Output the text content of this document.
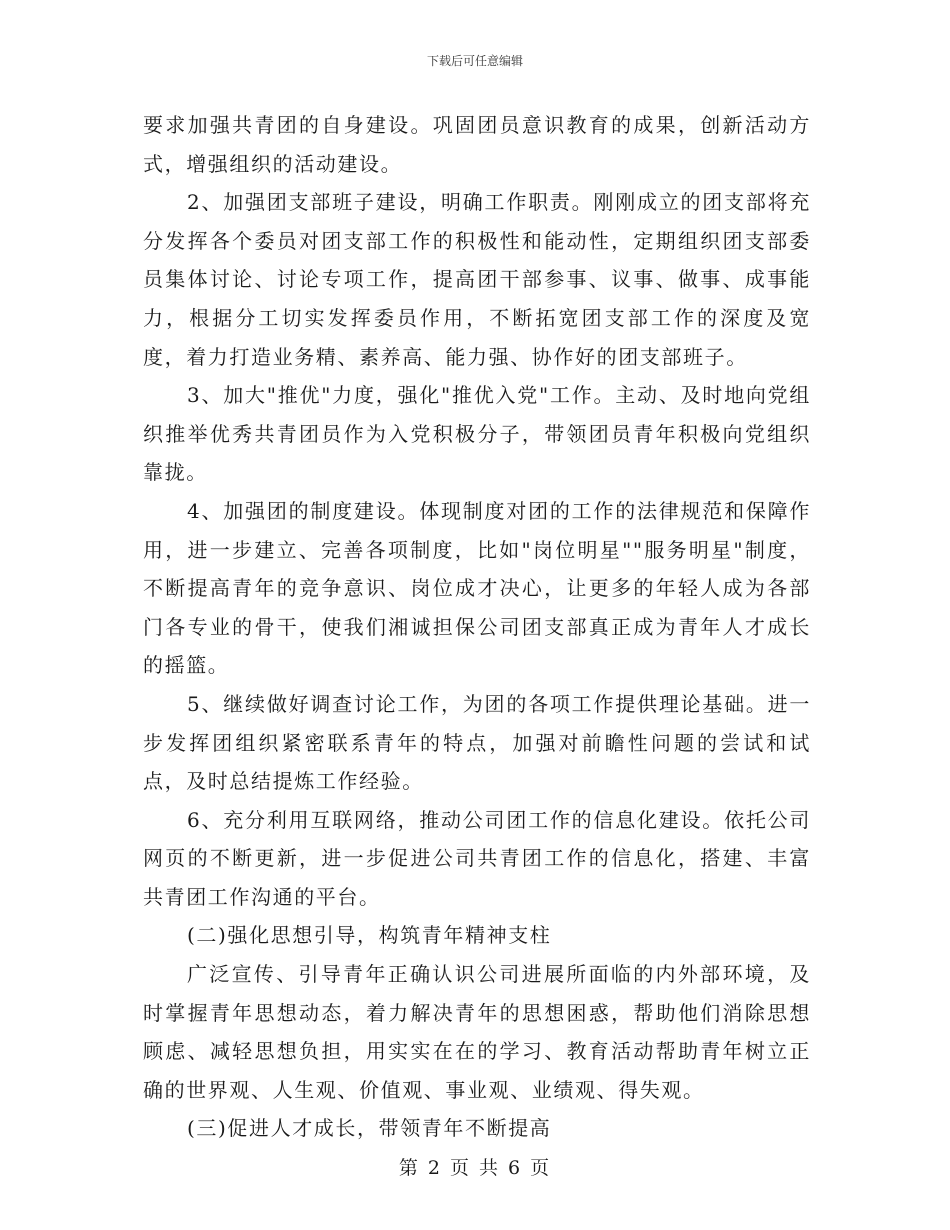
下载后可任意编辑

要求加强共青团的自身建设。巩固团员意识教育的成果，创新活动方式，增强组织的活动建设。

2、加强团支部班子建设，明确工作职责。刚刚成立的团支部将充分发挥各个委员对团支部工作的积极性和能动性，定期组织团支部委员集体讨论、讨论专项工作，提高团干部参事、议事、做事、成事能力，根据分工切实发挥委员作用，不断拓宽团支部工作的深度及宽度，着力打造业务精、素养高、能力强、协作好的团支部班子。

3、加大"推优"力度，强化"推优入党"工作。主动、及时地向党组织推举优秀共青团员作为入党积极分子，带领团员青年积极向党组织靠拢。

4、加强团的制度建设。体现制度对团的工作的法律规范和保障作用，进一步建立、完善各项制度，比如"岗位明星""服务明星"制度，不断提高青年的竞争意识、岗位成才决心，让更多的年轻人成为各部门各专业的骨干，使我们湘诚担保公司团支部真正成为青年人才成长的摇篮。

5、继续做好调查讨论工作，为团的各项工作提供理论基础。进一步发挥团组织紧密联系青年的特点，加强对前瞻性问题的尝试和试点，及时总结提炼工作经验。

6、充分利用互联网络，推动公司团工作的信息化建设。依托公司网页的不断更新，进一步促进公司共青团工作的信息化，搭建、丰富共青团工作沟通的平台。

(二)强化思想引导，构筑青年精神支柱

广泛宣传、引导青年正确认识公司进展所面临的内外部环境，及时掌握青年思想动态，着力解决青年的思想困惑，帮助他们消除思想顾虑、减轻思想负担，用实实在在的学习、教育活动帮助青年树立正确的世界观、人生观、价值观、事业观、业绩观、得失观。

(三)促进人才成长，带领青年不断提高

第 2 页 共 6 页
